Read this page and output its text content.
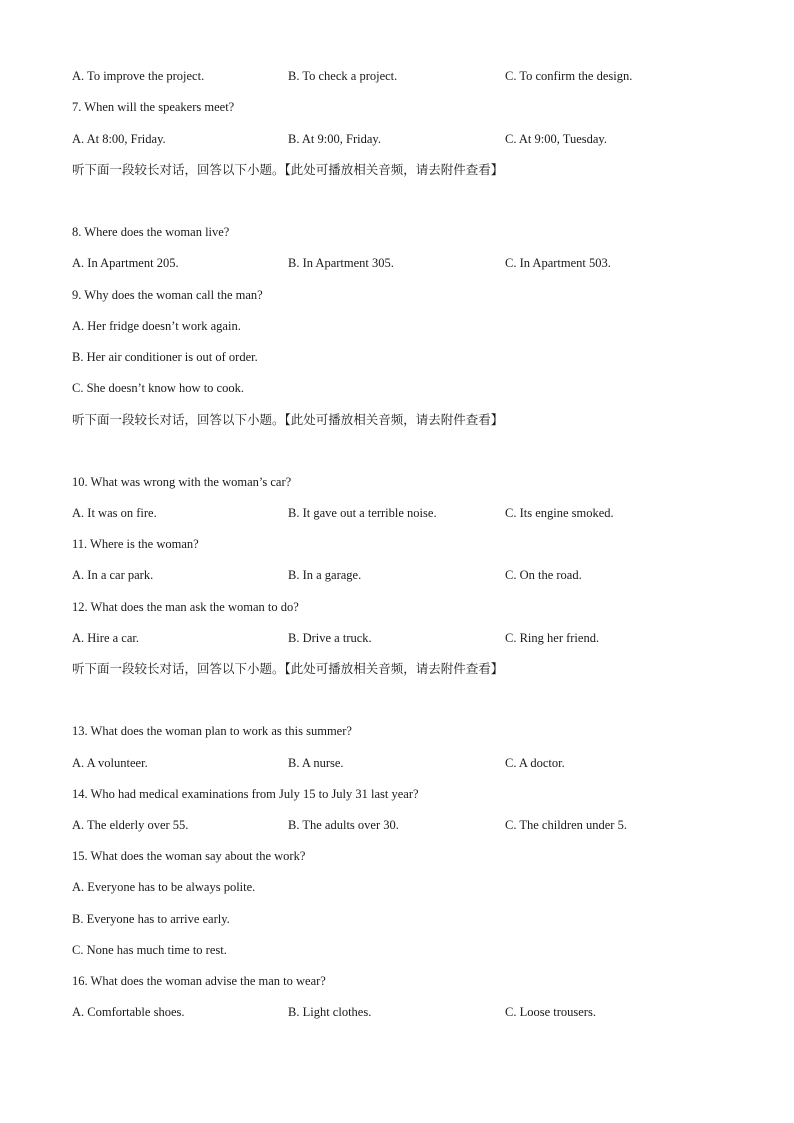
A. To improve the project.	B. To check a project.	C. To confirm the design.
7. When will the speakers meet?
A. At 8:00, Friday.	B. At 9:00, Friday.	C. At 9:00, Tuesday.
听下面一段较长对话，回答以下小题。【此处可播放相关音频，请去附件查看】
8. Where does the woman live?
A. In Apartment 205.	B. In Apartment 305.	C. In Apartment 503.
9. Why does the woman call the man?
A. Her fridge doesn’t work again.
B. Her air conditioner is out of order.
C. She doesn’t know how to cook.
听下面一段较长对话，回答以下小题。【此处可播放相关音频，请去附件查看】
10. What was wrong with the woman’s car?
A. It was on fire.	B. It gave out a terrible noise.	C. Its engine smoked.
11. Where is the woman?
A. In a car park.	B. In a garage.	C. On the road.
12. What does the man ask the woman to do?
A. Hire a car.	B. Drive a truck.	C. Ring her friend.
听下面一段较长对话，回答以下小题。【此处可播放相关音频，请去附件查看】
13. What does the woman plan to work as this summer?
A. A volunteer.	B. A nurse.	C. A doctor.
14. Who had medical examinations from July 15 to July 31 last year?
A. The elderly over 55.	B. The adults over 30.	C. The children under 5.
15. What does the woman say about the work?
A. Everyone has to be always polite.
B. Everyone has to arrive early.
C. None has much time to rest.
16. What does the woman advise the man to wear?
A. Comfortable shoes.	B. Light clothes.	C. Loose trousers.
